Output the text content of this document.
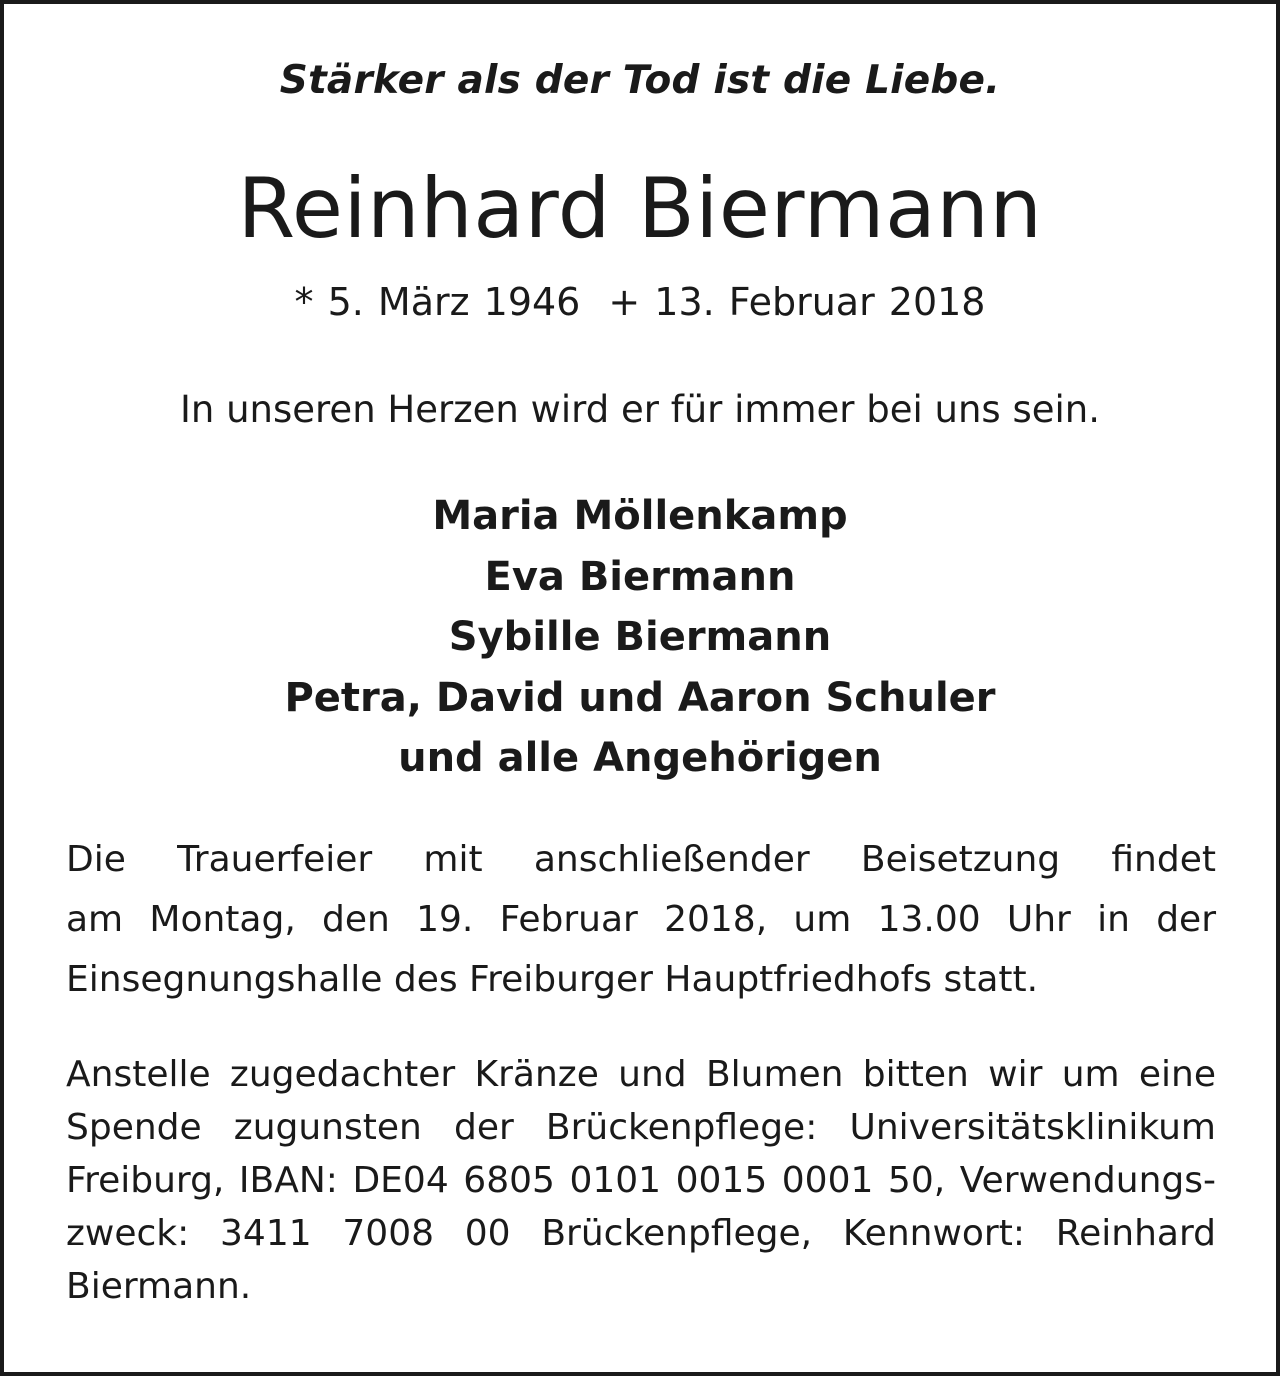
Stärker als der Tod ist die Liebe.
Reinhard Biermann
* 5. März 1946 + 13. Februar 2018
In unseren Herzen wird er für immer bei uns sein.
Maria Möllenkamp
Eva Biermann
Sybille Biermann
Petra, David und Aaron Schuler
und alle Angehörigen
Die Trauerfeier mit anschließender Beisetzung findet
am Montag, den 19. Februar 2018, um 13.00 Uhr in der
Einsegnungshalle des Freiburger Hauptfriedhofs statt.
Anstelle zugedachter Kränze und Blumen bitten wir um eine
Spende zugunsten der Brückenpflege: Universitätsklinikum
Freiburg, IBAN: DE04 6805 0101 0015 0001 50, Verwendungs-
zweck: 3411 7008 00 Brückenpflege, Kennwort: Reinhard
Biermann.
